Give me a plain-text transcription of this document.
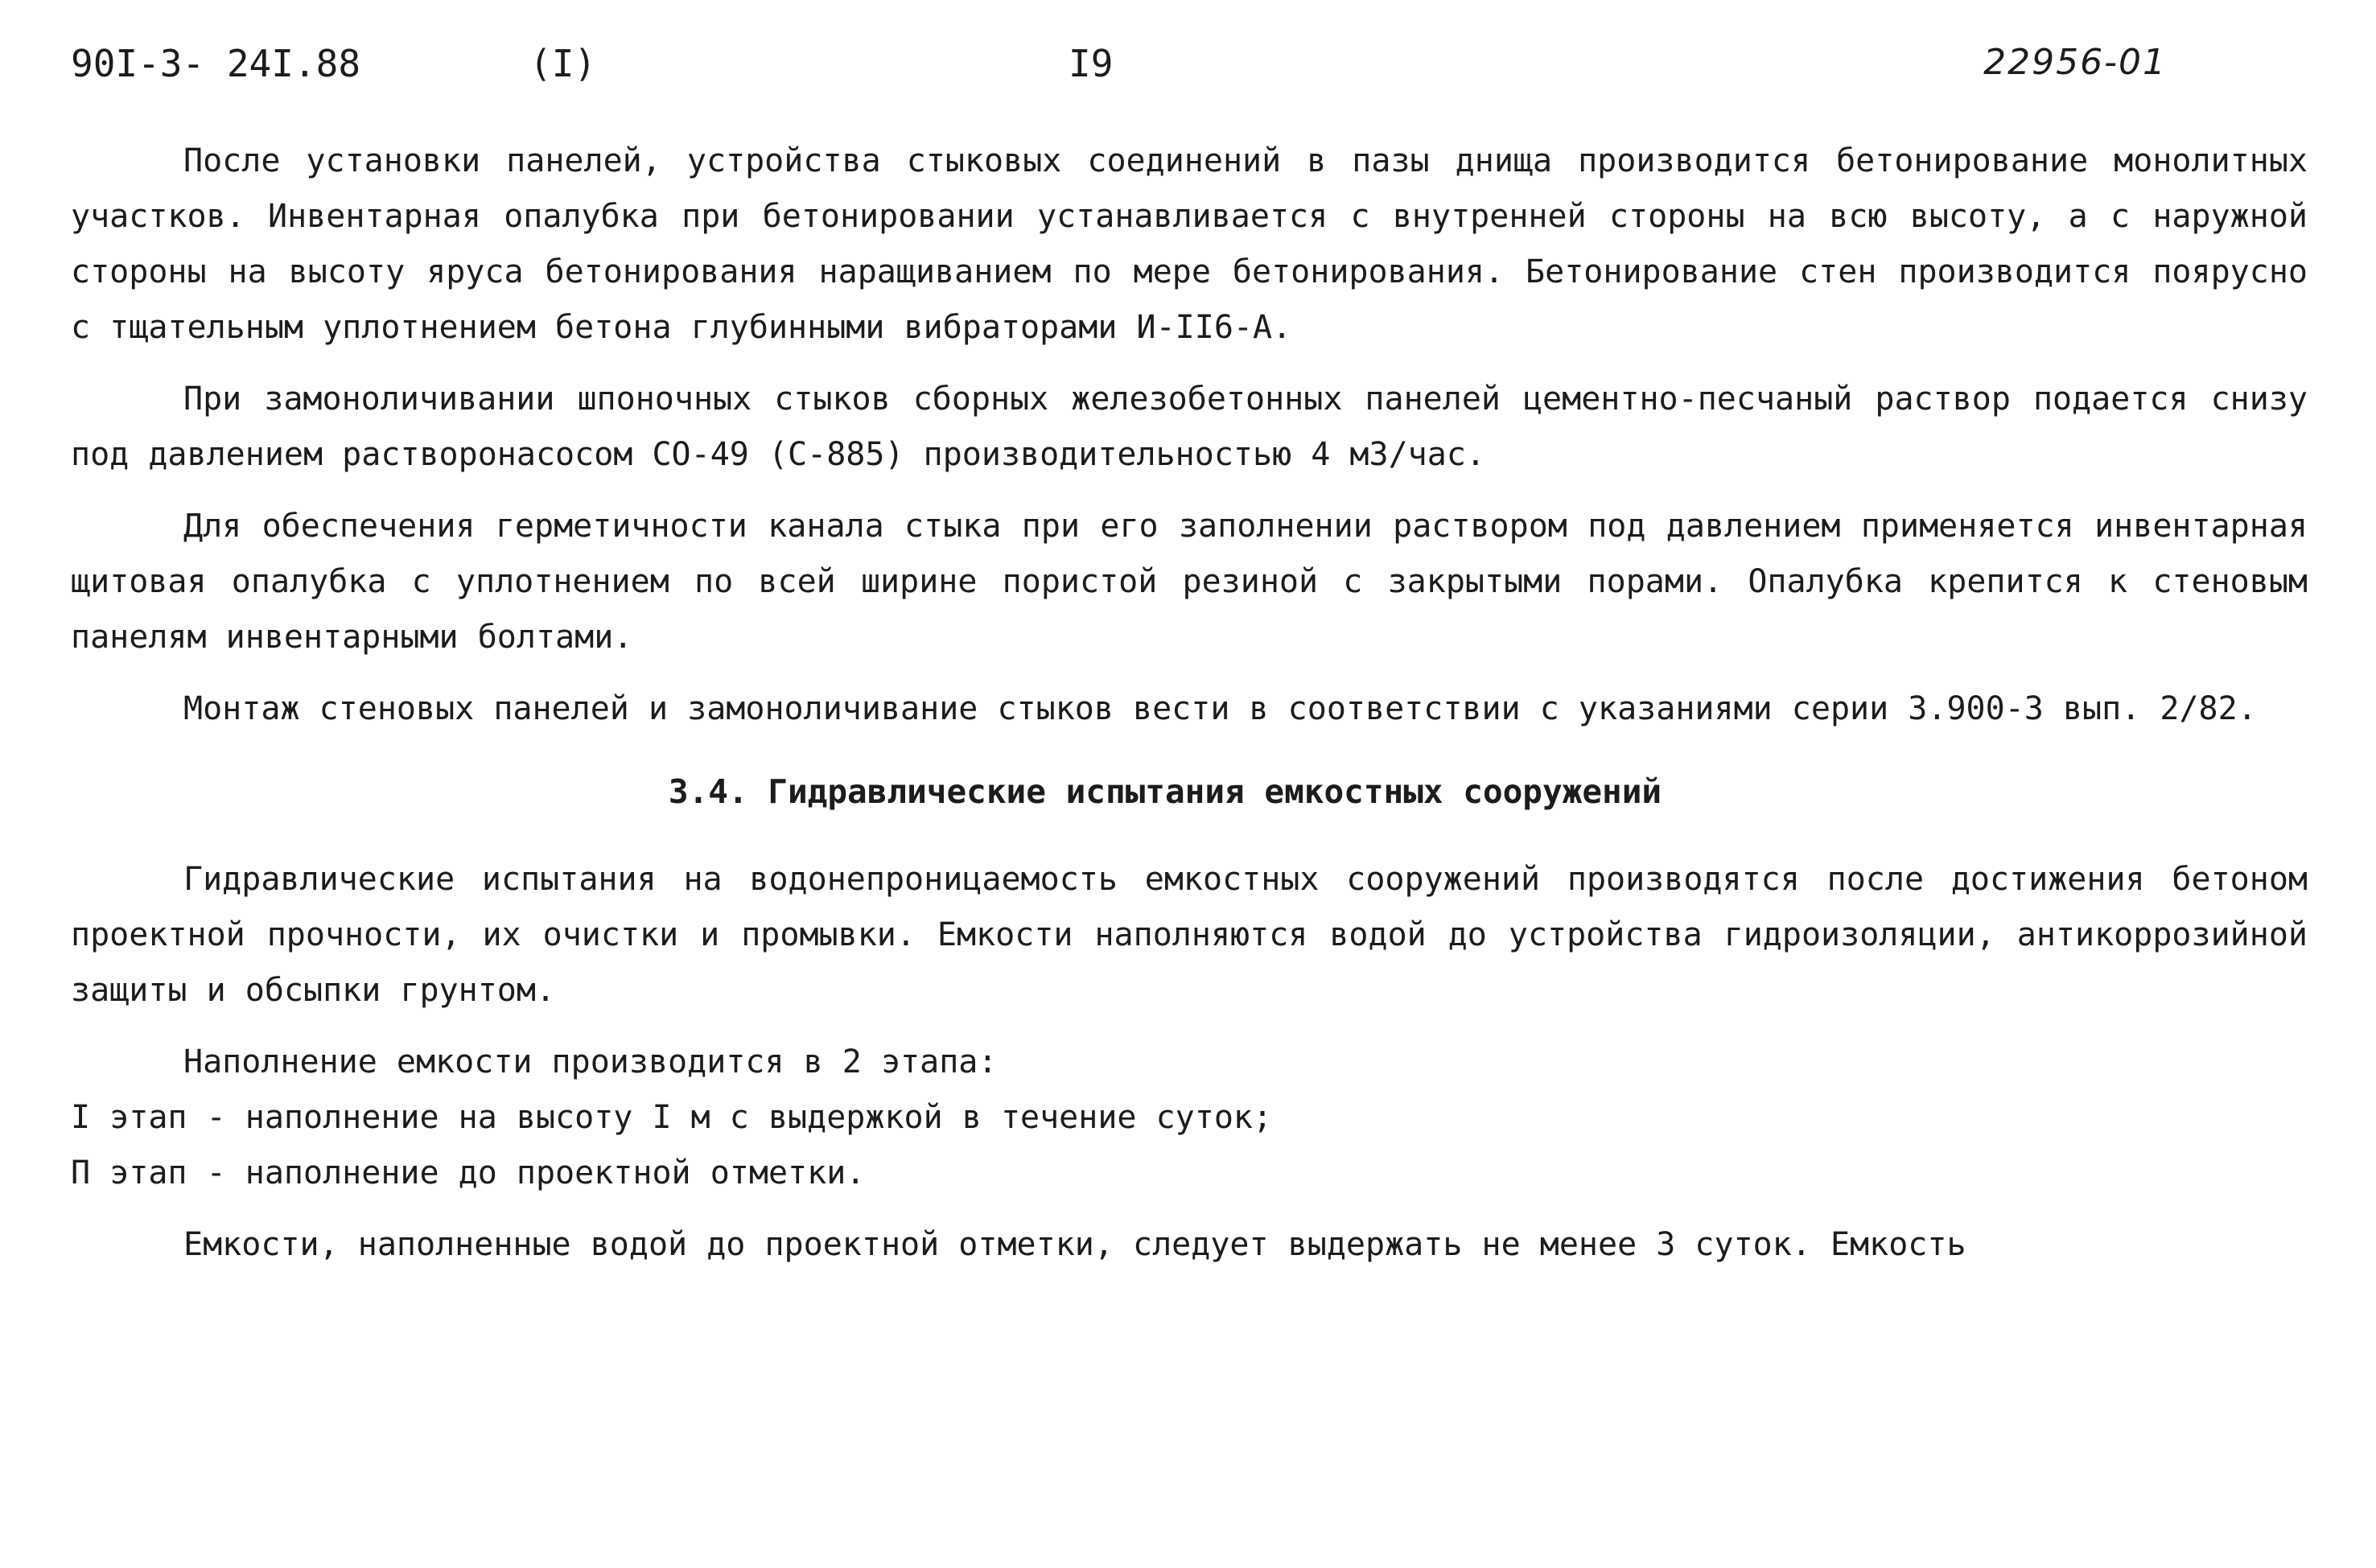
90I-3- 24I.88	(I)	I9	22956-01

После установки панелей, устройства стыковых соединений в пазы днища производится бетонирование монолитных участков. Инвентарная опалубка при бетонировании устанавливается с внутренней стороны на всю высоту, а с наружной стороны на высоту яруса бетонирования наращиванием по мере бетонирования. Бетонирование стен производится поярусно с тщательным уплотнением бетона глубинными вибраторами И-II6-А.

При замоноличивании шпоночных стыков сборных железобетонных панелей цементно-песчаный раствор подается снизу под давлением растворонасосом СО-49 (С-885) производительностью 4 м3/час.

Для обеспечения герметичности канала стыка при его заполнении раствором под давлением применяется инвентарная щитовая опалубка с уплотнением по всей ширине пористой резиной с закрытыми порами. Опалубка крепится к стеновым панелям инвентарными болтами.

Монтаж стеновых панелей и замоноличивание стыков вести в соответствии с указаниями серии 3.900-3 вып. 2/82.

3.4. Гидравлические испытания емкостных сооружений

Гидравлические испытания на водонепроницаемость емкостных сооружений производятся после достижения бетоном проектной прочности, их очистки и промывки. Емкости наполняются водой до устройства гидроизоляции, антикоррозийной защиты и обсыпки грунтом.

Наполнение емкости производится в 2 этапа:

I этап - наполнение на высоту I м с выдержкой в течение суток;

П этап - наполнение до проектной отметки.

Емкости, наполненные водой до проектной отметки, следует выдержать не менее 3 суток. Емкость
